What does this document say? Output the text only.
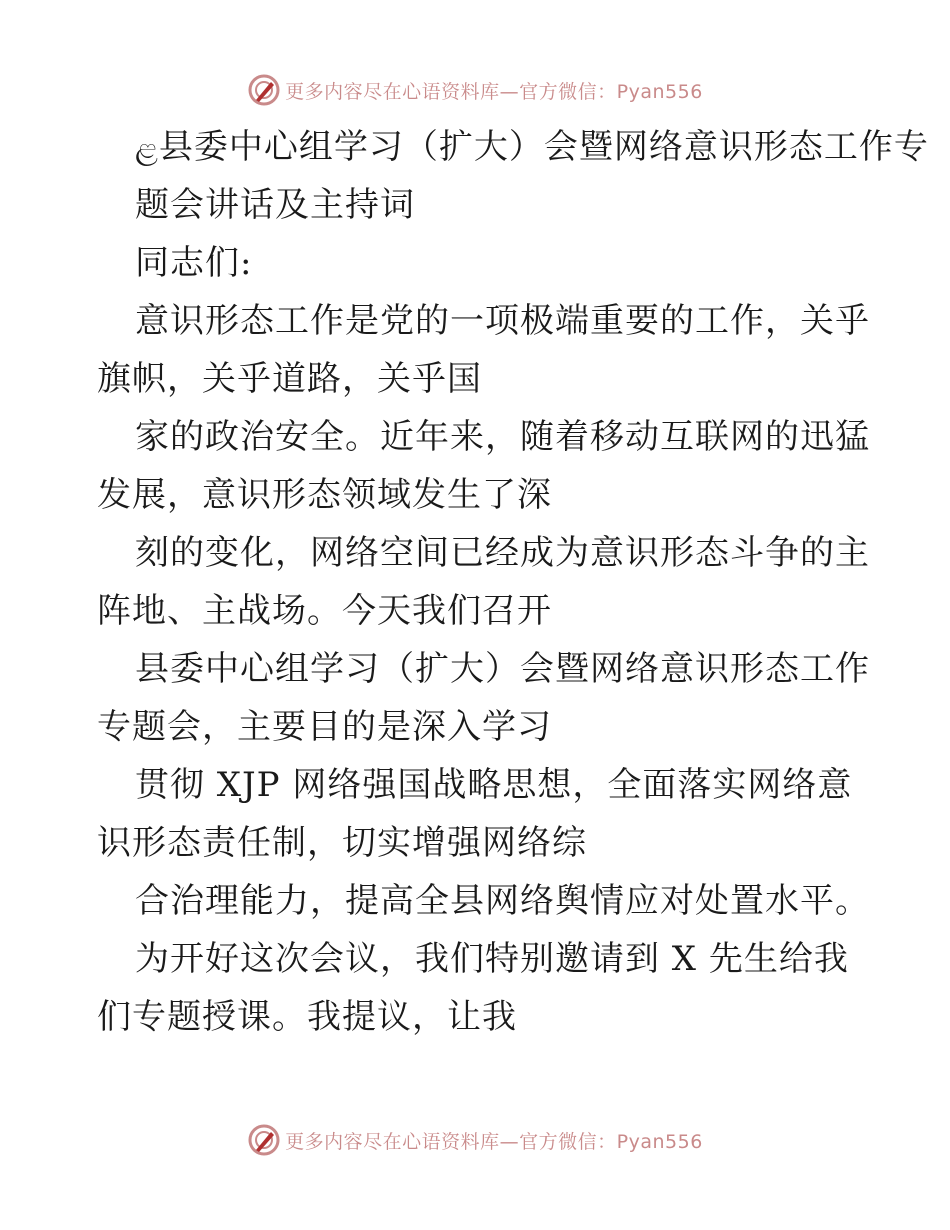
更多内容尽在心语资料库—官方微信：Pyan556
ළ县委中心组学习（扩大）会暨网络意识形态工作专
题会讲话及主持词
同志们:
意识形态工作是党的一项极端重要的工作，关乎
旗帜，关乎道路，关乎国
家的政治安全。近年来，随着移动互联网的迅猛
发展，意识形态领域发生了深
刻的变化，网络空间已经成为意识形态斗争的主
阵地、主战场。今天我们召开
县委中心组学习（扩大）会暨网络意识形态工作
专题会，主要目的是深入学习
贯彻 XJP 网络强国战略思想，全面落实网络意
识形态责任制，切实增强网络综
合治理能力，提高全县网络舆情应对处置水平。
为开好这次会议，我们特别邀请到 X 先生给我
们专题授课。我提议，让我
更多内容尽在心语资料库—官方微信：Pyan556
